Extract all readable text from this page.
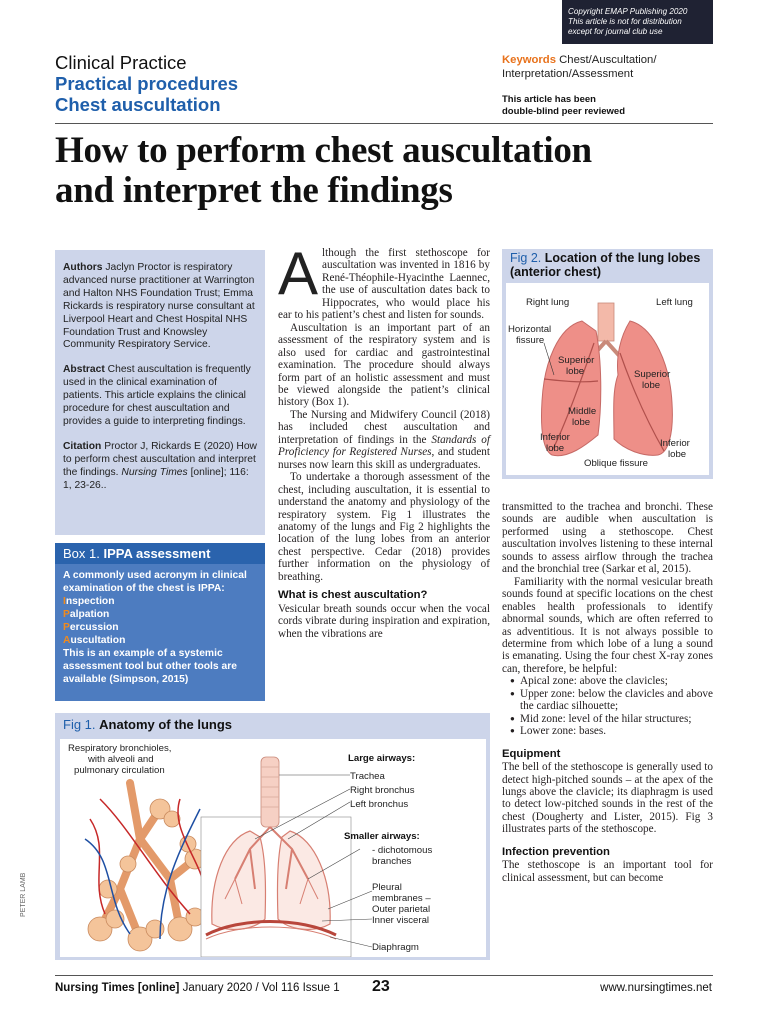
Copyright EMAP Publishing 2020
This article is not for distribution
except for journal club use
Clinical Practice
Practical procedures
Chest auscultation
Keywords Chest/Auscultation/ Interpretation/Assessment
This article has been
double-blind peer reviewed
How to perform chest auscultation
and interpret the findings

Authors Jaclyn Proctor is respiratory advanced nurse practitioner at Warrington and Halton NHS Foundation Trust; Emma Rickards is respiratory nurse consultant at Liverpool Heart and Chest Hospital NHS Foundation Trust and Knowsley Community Respiratory Service.

Abstract Chest auscultation is frequently used in the clinical examination of patients. This article explains the clinical procedure for chest auscultation and provides a guide to interpreting findings.

Citation Proctor J, Rickards E (2020) How to perform chest auscultation and interpret the findings. Nursing Times [online]; 116: 1, 23-26..

Box 1. IPPA assessment
A commonly used acronym in clinical examination of the chest is IPPA:
Inspection
Palpation
Percussion
Auscultation
This is an example of a systemic assessment tool but other tools are available (Simpson, 2015)

Although the first stethoscope for auscultation was invented in 1816 by René-Théophile-Hyacinthe Laennec, the use of auscultation dates back to Hippocrates, who would place his ear to his patient’s chest and listen for sounds.

Auscultation is an important part of an assessment of the respiratory system and is also used for cardiac and gastrointestinal examination. The procedure should always form part of an holistic assessment and must be viewed alongside the patient’s clinical history (Box 1).

The Nursing and Midwifery Council (2018) has included chest auscultation and interpretation of findings in the Standards of Proficiency for Registered Nurses, and student nurses now learn this skill as undergraduates.

To undertake a thorough assessment of the chest, including auscultation, it is essential to understand the anatomy and physiology of the respiratory system. Fig 1 illustrates the anatomy of the lungs and Fig 2 highlights the location of the lung lobes from an anterior chest perspective. Cedar (2018) provides further information on the physiology of breathing.

What is chest auscultation?

Vesicular breath sounds occur when the vocal cords vibrate during inspiration and expiration, when the vibrations are

Fig 2. Location of the lung lobes (anterior chest)
Right lung	Left lung
Horizontal
fissure
Superior
lobe	Superior
lobe
Middle
lobe
Inferior
lobe	Inferior
lobe
Oblique fissure

transmitted to the trachea and bronchi. These sounds are audible when auscultation is performed using a stethoscope. Chest auscultation involves listening to these internal sounds to assess airflow through the trachea and the bronchial tree (Sarkar et al, 2015).

Familiarity with the normal vesicular breath sounds found at specific locations on the chest enables health professionals to identify abnormal sounds, which are often referred to as adventitious. It is not always possible to determine from which lobe of a lung a sound is emanating. Using the four chest X-ray zones can, therefore, be helpful:

● Apical zone: above the clavicles;
● Upper zone: below the clavicles and above the cardiac silhouette;
● Mid zone: level of the hilar structures;
● Lower zone: bases.
Equipment

The bell of the stethoscope is generally used to detect high-pitched sounds – at the apex of the lungs above the clavicle; its diaphragm is used to detect low-pitched sounds in the rest of the chest (Dougherty and Lister, 2015). Fig 3 illustrates parts of the stethoscope.

Infection prevention

The stethoscope is an important tool for clinical assessment, but can become

Fig 1. Anatomy of the lungs
Respiratory bronchioles,
with alveoli and
pulmonary circulation
Large airways:
Trachea
Right bronchus
Left bronchus
Smaller airways:
- dichotomous
branches
Pleural
membranes –
Outer parietal
Inner visceral
Diaphragm
PETER LAMB
Nursing Times [online] January 2020 / Vol 116 Issue 1 23	www.nursingtimes.net
